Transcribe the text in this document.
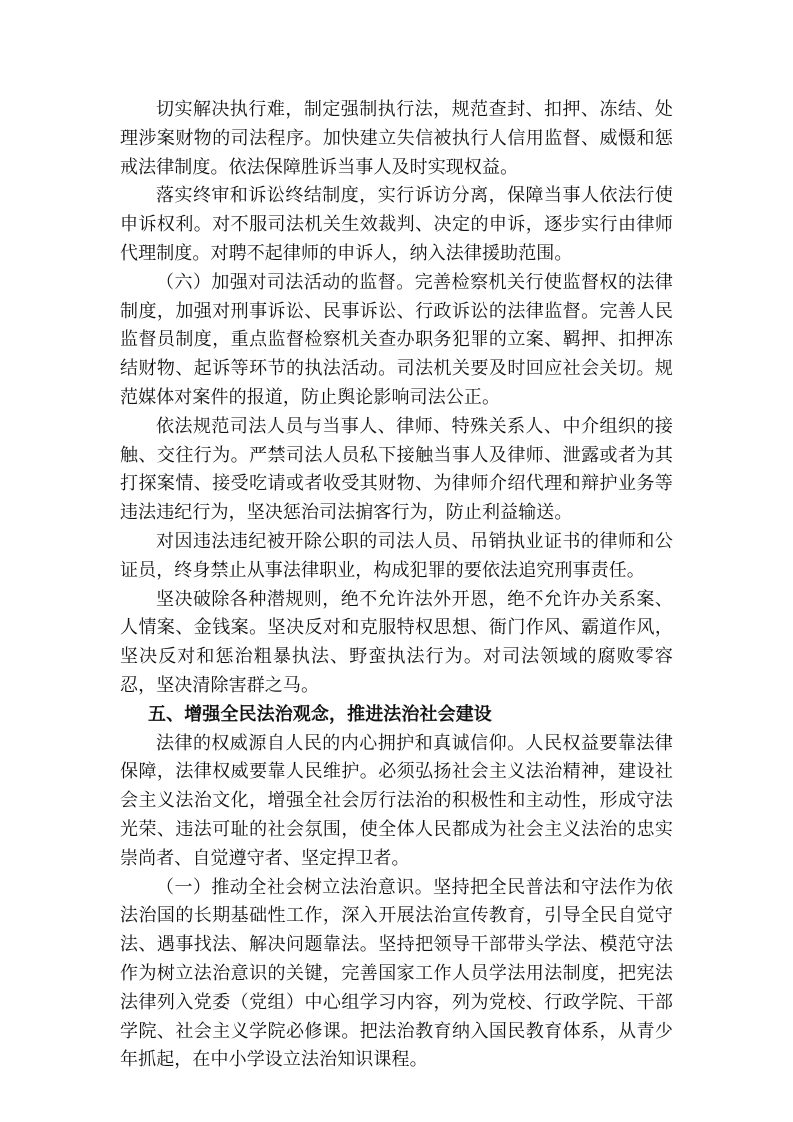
切实解决执行难，制定强制执行法，规范查封、扣押、冻结、处理涉案财物的司法程序。加快建立失信被执行人信用监督、威慑和惩戒法律制度。依法保障胜诉当事人及时实现权益。

落实终审和诉讼终结制度，实行诉访分离，保障当事人依法行使申诉权利。对不服司法机关生效裁判、决定的申诉，逐步实行由律师代理制度。对聘不起律师的申诉人，纳入法律援助范围。

（六）加强对司法活动的监督。完善检察机关行使监督权的法律制度，加强对刑事诉讼、民事诉讼、行政诉讼的法律监督。完善人民监督员制度，重点监督检察机关查办职务犯罪的立案、羁押、扣押冻结财物、起诉等环节的执法活动。司法机关要及时回应社会关切。规范媒体对案件的报道，防止舆论影响司法公正。

依法规范司法人员与当事人、律师、特殊关系人、中介组织的接触、交往行为。严禁司法人员私下接触当事人及律师、泄露或者为其打探案情、接受吃请或者收受其财物、为律师介绍代理和辩护业务等违法违纪行为，坚决惩治司法掮客行为，防止利益输送。

对因违法违纪被开除公职的司法人员、吊销执业证书的律师和公证员，终身禁止从事法律职业，构成犯罪的要依法追究刑事责任。

坚决破除各种潜规则，绝不允许法外开恩，绝不允许办关系案、人情案、金钱案。坚决反对和克服特权思想、衙门作风、霸道作风，坚决反对和惩治粗暴执法、野蛮执法行为。对司法领域的腐败零容忍，坚决清除害群之马。

五、增强全民法治观念，推进法治社会建设

法律的权威源自人民的内心拥护和真诚信仰。人民权益要靠法律保障，法律权威要靠人民维护。必须弘扬社会主义法治精神，建设社会主义法治文化，增强全社会厉行法治的积极性和主动性，形成守法光荣、违法可耻的社会氛围，使全体人民都成为社会主义法治的忠实崇尚者、自觉遵守者、坚定捍卫者。

（一）推动全社会树立法治意识。坚持把全民普法和守法作为依法治国的长期基础性工作，深入开展法治宣传教育，引导全民自觉守法、遇事找法、解决问题靠法。坚持把领导干部带头学法、模范守法作为树立法治意识的关键，完善国家工作人员学法用法制度，把宪法法律列入党委（党组）中心组学习内容，列为党校、行政学院、干部学院、社会主义学院必修课。把法治教育纳入国民教育体系，从青少年抓起，在中小学设立法治知识课程。
